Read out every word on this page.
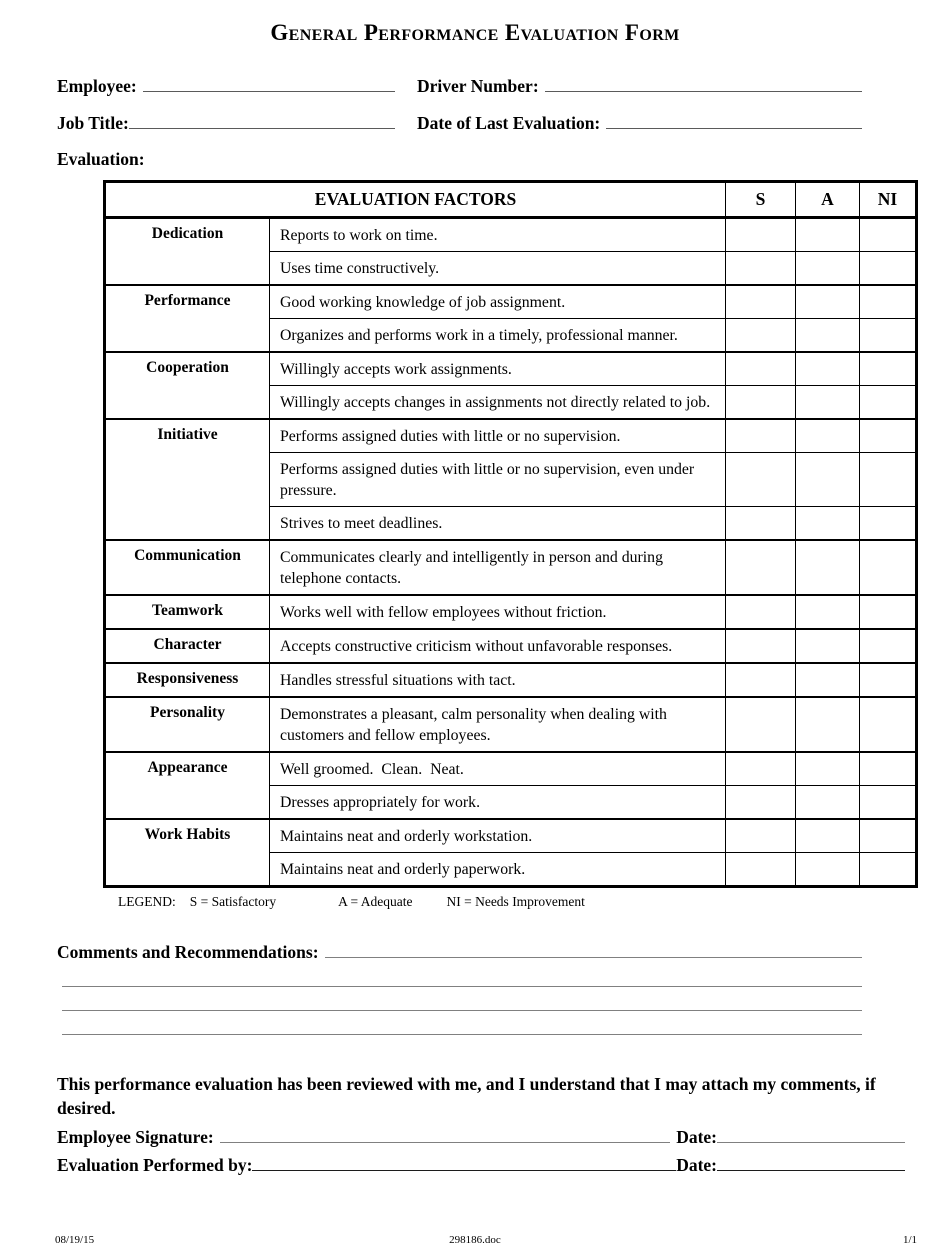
General Performance Evaluation Form
Employee:	Driver Number:
Job Title:	Date of Last Evaluation:
Evaluation:
EVALUATION FACTORS		S	A	NI
Dedication	Reports to work on time.			
	Uses time constructively.			
Performance	Good working knowledge of job assignment.			
	Organizes and performs work in a timely, professional manner.			
Cooperation	Willingly accepts work assignments.			
	Willingly accepts changes in assignments not directly related to job.			
Initiative	Performs assigned duties with little or no supervision.			
	Performs assigned duties with little or no supervision, even under pressure.			
	Strives to meet deadlines.			
Communication	Communicates clearly and intelligently in person and during telephone contacts.			
Teamwork	Works well with fellow employees without friction.			
Character	Accepts constructive criticism without unfavorable responses.			
Responsiveness	Handles stressful situations with tact.			
Personality	Demonstrates a pleasant, calm personality when dealing with customers and fellow employees.			
Appearance	Well groomed.  Clean.  Neat.			
	Dresses appropriately for work.			
Work Habits	Maintains neat and orderly workstation.			
	Maintains neat and orderly paperwork.			
LEGEND: S = Satisfactory	A = Adequate	NI = Needs Improvement
Comments and Recommendations:
This performance evaluation has been reviewed with me, and I understand that I may attach my comments, if desired.
Employee Signature:	Date:
Evaluation Performed by:	Date:
08/19/15	298186.doc	1/1
